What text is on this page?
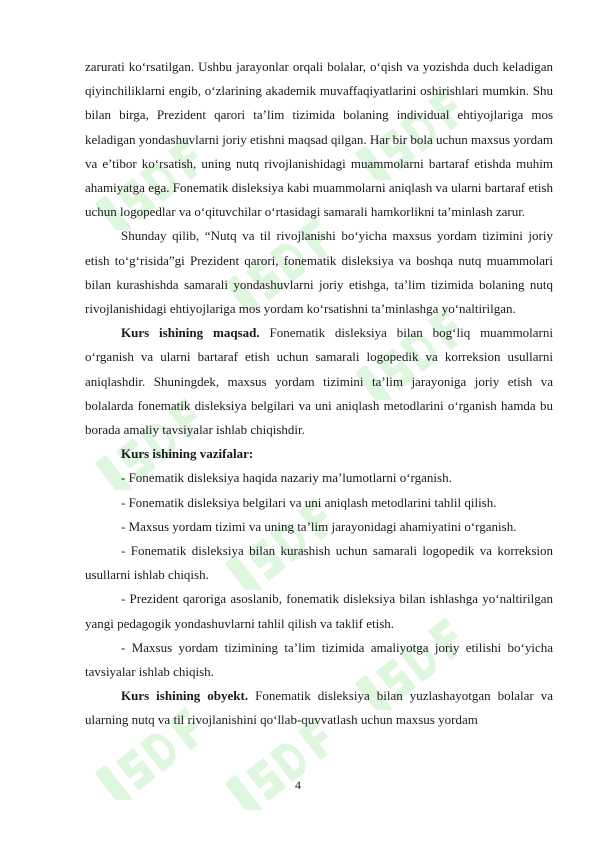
zarurati ko‘rsatilgan. Ushbu jarayonlar orqali bolalar, o‘qish va yozishda duch keladigan qiyinchiliklarni engib, o‘zlarining akademik muvaffaqiyatlarini oshirishlari mumkin. Shu bilan birga, Prezident qarori ta’lim tizimida bolaning individual ehtiyojlariga mos keladigan yondashuvlarni joriy etishni maqsad qilgan. Har bir bola uchun maxsus yordam va e’tibor ko‘rsatish, uning nutq rivojlanishidagi muammolarni bartaraf etishda muhim ahamiyatga ega. Fonematik disleksiya kabi muammolarni aniqlash va ularni bartaraf etish uchun logopedlar va o‘qituvchilar o‘rtasidagi samarali hamkorlikni ta’minlash zarur.

Shunday qilib, “Nutq va til rivojlanishi bo‘yicha maxsus yordam tizimini joriy etish to‘g‘risida”gi Prezident qarori, fonematik disleksiya va boshqa nutq muammolari bilan kurashishda samarali yondashuvlarni joriy etishga, ta’lim tizimida bolaning nutq rivojlanishidagi ehtiyojlariga mos yordam ko‘rsatishni ta’minlashga yo‘naltirilgan.

Kurs ishining maqsad. Fonematik disleksiya bilan bog‘liq muammolarni o‘rganish va ularni bartaraf etish uchun samarali logopedik va korreksion usullarni aniqlashdir. Shuningdek, maxsus yordam tizimini ta’lim jarayoniga joriy etish va bolalarda fonematik disleksiya belgilari va uni aniqlash metodlarini o‘rganish hamda bu borada amaliy tavsiyalar ishlab chiqishdir.

Kurs ishining vazifalar:

- Fonematik disleksiya haqida nazariy ma’lumotlarni o‘rganish.

- Fonematik disleksiya belgilari va uni aniqlash metodlarini tahlil qilish.

- Maxsus yordam tizimi va uning ta’lim jarayonidagi ahamiyatini o‘rganish.

- Fonematik disleksiya bilan kurashish uchun samarali logopedik va korreksion usullarni ishlab chiqish.

- Prezident qaroriga asoslanib, fonematik disleksiya bilan ishlashga yo‘naltirilgan yangi pedagogik yondashuvlarni tahlil qilish va taklif etish.

- Maxsus yordam tizimining ta’lim tizimida amaliyotga joriy etilishi bo‘yicha tavsiyalar ishlab chiqish.

Kurs ishining obyekt. Fonematik disleksiya bilan yuzlashayotgan bolalar va ularning nutq va til rivojlanishini qo‘llab-quvvatlash uchun maxsus yordam

4
